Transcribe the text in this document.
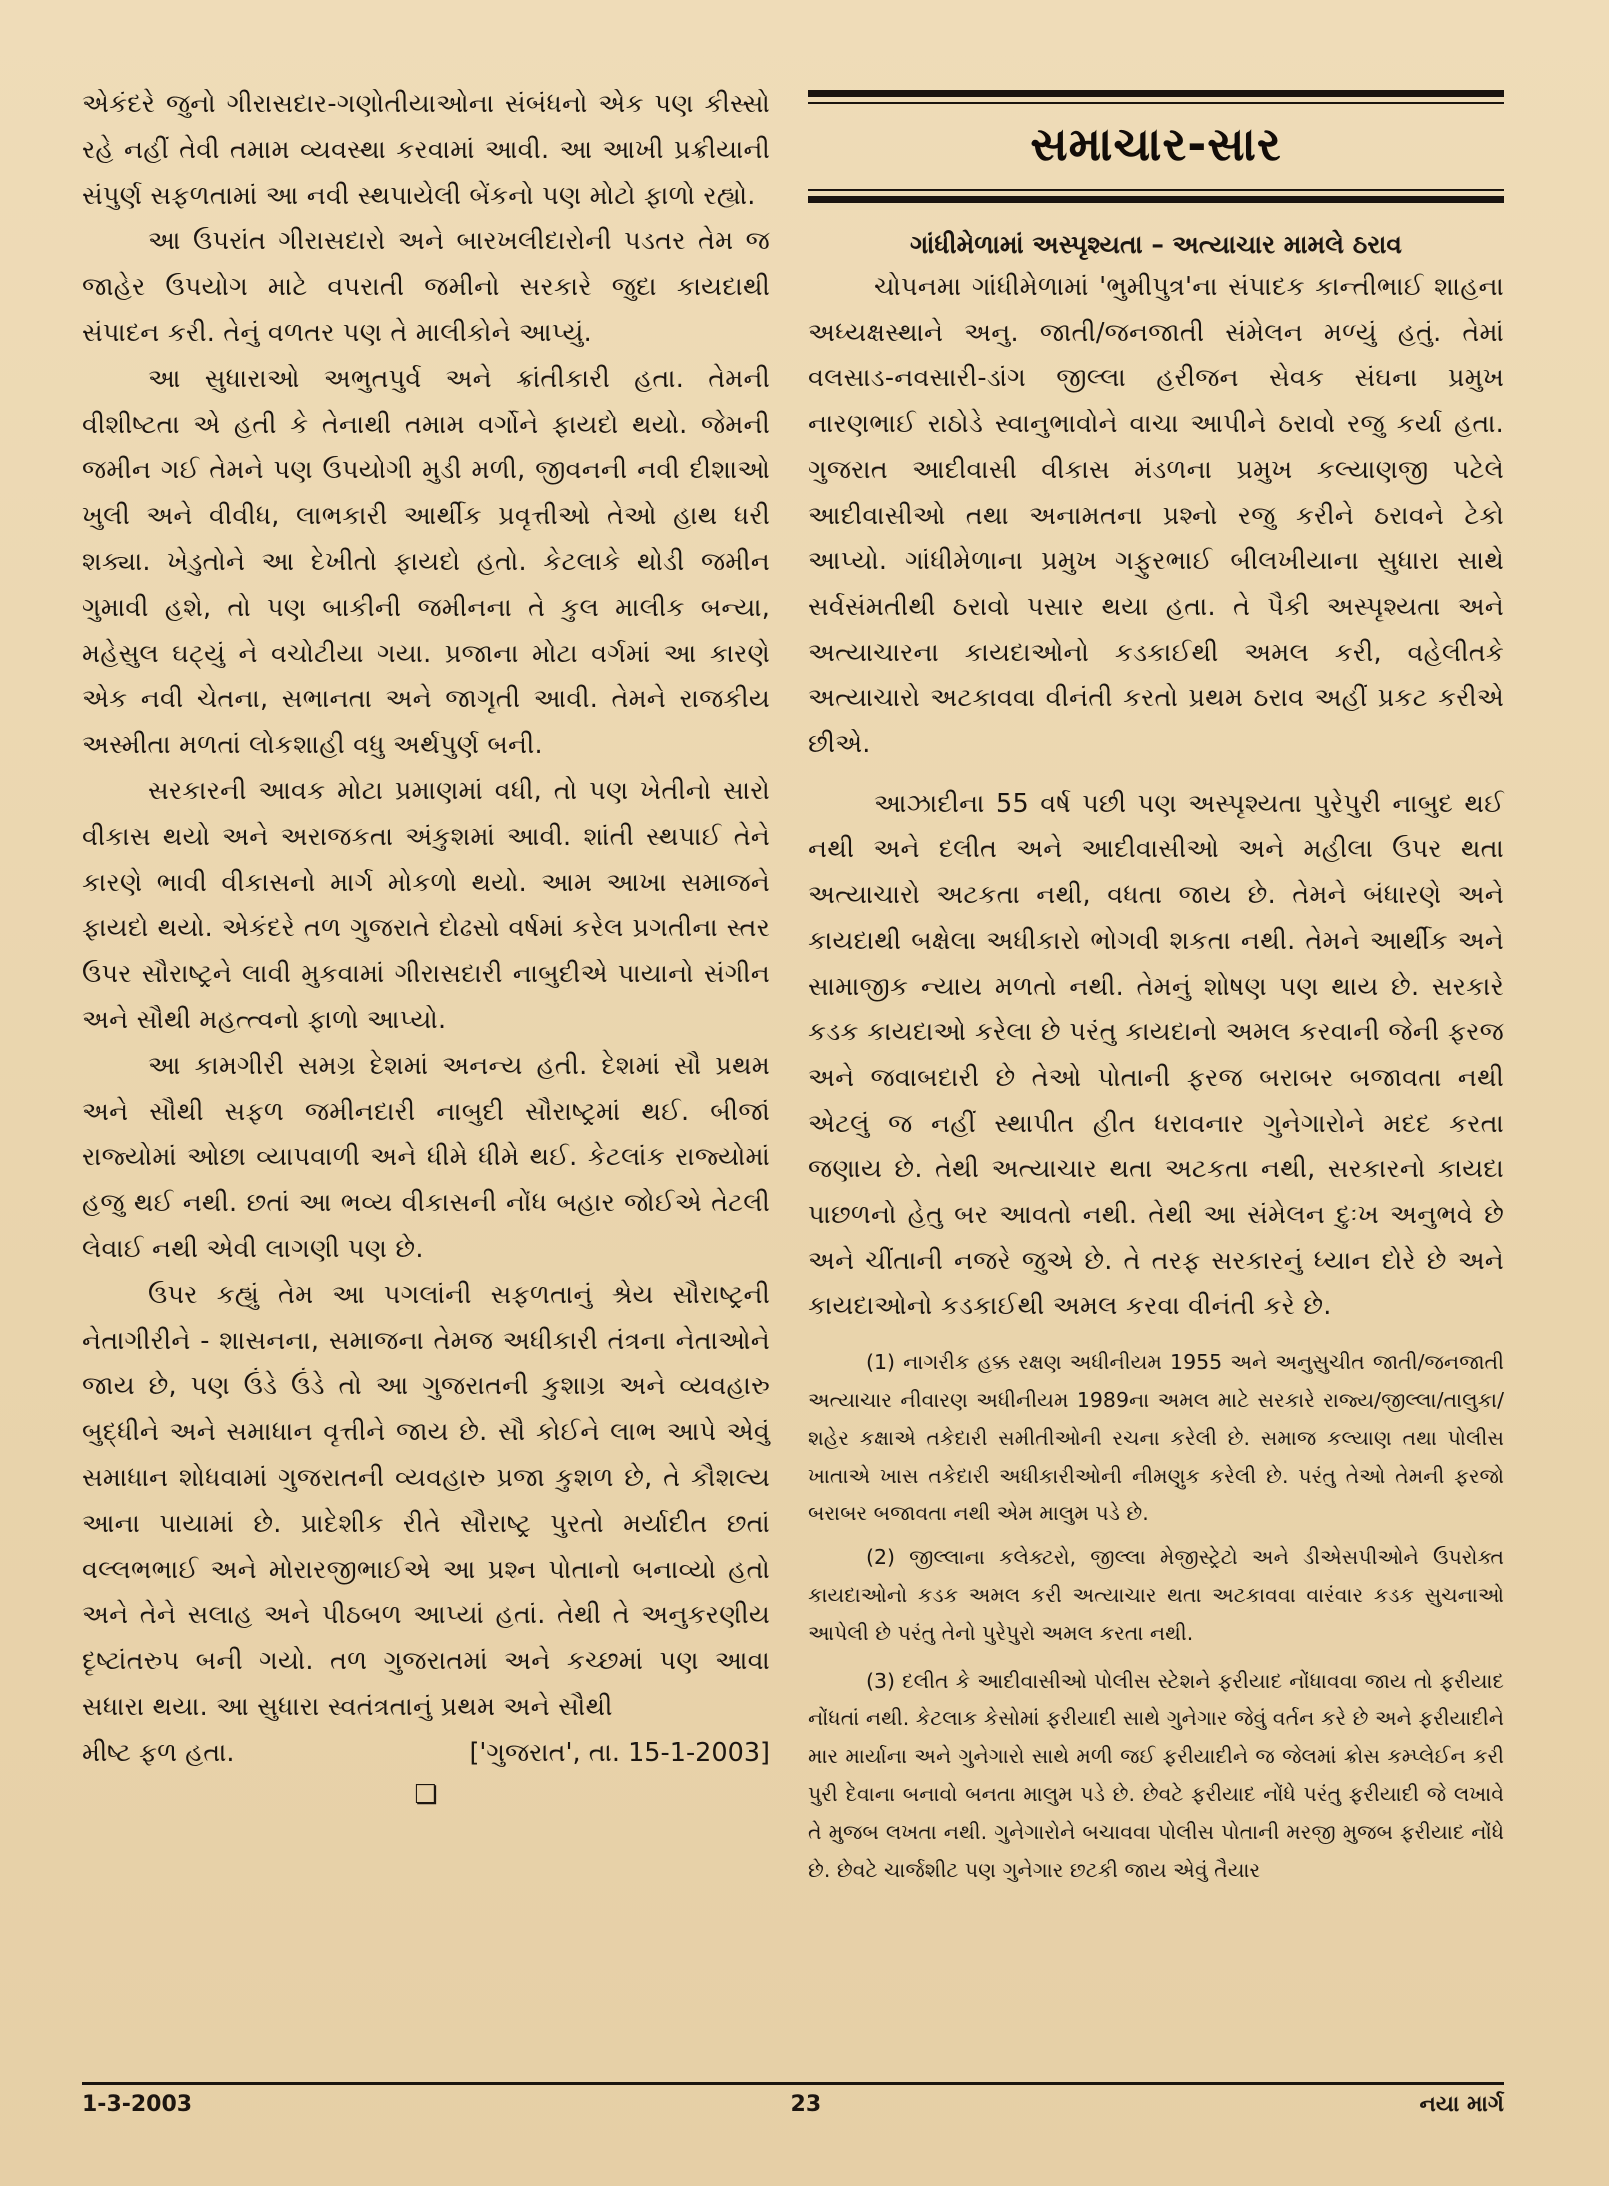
એકંદરે જુનો ગીરાસદાર-ગણોતીયાઓના સંબંધનો એક પણ કીસ્સો રહે નહીં તેવી તમામ વ્યવસ્થા કરવામાં આવી. આ આખી પ્રક્રીયાની સંપુર્ણ સફળતામાં આ નવી સ્થપાયેલી બેંકનો પણ મોટો ફાળો રહ્યો.

આ ઉપરાંત ગીરાસદારો અને બારખલીદારોની પડતર તેમ જ જાહેર ઉપયોગ માટે વપરાતી જમીનો સરકારે જુદા કાયદાથી સંપાદન કરી. તેનું વળતર પણ તે માલીકોને આપ્યું.

આ સુધારાઓ અભુતપુર્વ અને ક્રાંતીકારી હતા. તેમની વીશીષ્ટતા એ હતી કે તેનાથી તમામ વર્ગોને ફાયદો થયો. જેમની જમીન ગઈ તેમને પણ ઉપયોગી મુડી મળી, જીવનની નવી દીશાઓ ખુલી અને વીવીધ, લાભકારી આર્થીક પ્રવૃત્તીઓ તેઓ હાથ ધરી શક્યા. ખેડુતોને આ દેખીતો ફાયદો હતો. કેટલાકે થોડી જમીન ગુમાવી હશે, તો પણ બાકીની જમીનના તે કુલ માલીક બન્યા, મહેસુલ ઘટ્યું ને વચોટીયા ગયા. પ્રજાના મોટા વર્ગમાં આ કારણે એક નવી ચેતના, સભાનતા અને જાગૃતી આવી. તેમને રાજકીય અસ્મીતા મળતાં લોકશાહી વધુ અર્થપુર્ણ બની.

સરકારની આવક મોટા પ્રમાણમાં વધી, તો પણ ખેતીનો સારો વીકાસ થયો અને અરાજકતા અંકુશમાં આવી. શાંતી સ્થપાઈ તેને કારણે ભાવી વીકાસનો માર્ગ મોકળો થયો. આમ આખા સમાજને ફાયદો થયો. એકંદરે તળ ગુજરાતે દોઢસો વર્ષમાં કરેલ પ્રગતીના સ્તર ઉપર સૌરાષ્ટ્રને લાવી મુકવામાં ગીરાસદારી નાબુદીએ પાયાનો સંગીન અને સૌથી મહત્ત્વનો ફાળો આપ્યો.

આ કામગીરી સમગ્ર દેશમાં અનન્ય હતી. દેશમાં સૌ પ્રથમ અને સૌથી સફળ જમીનદારી નાબુદી સૌરાષ્ટ્રમાં થઈ. બીજાં રાજ્યોમાં ઓછા વ્યાપવાળી અને ધીમે ધીમે થઈ. કેટલાંક રાજ્યોમાં હજુ થઈ નથી. છતાં આ ભવ્ય વીકાસની નોંધ બહાર જોઈએ તેટલી લેવાઈ નથી એવી લાગણી પણ છે.

ઉપર કહ્યું તેમ આ પગલાંની સફળતાનું શ્રેય સૌરાષ્ટ્રની નેતાગીરીને - શાસનના, સમાજના તેમજ અધીકારી તંત્રના નેતાઓને જાય છે, પણ ઉંડે ઉંડે તો આ ગુજરાતની કુશાગ્ર અને વ્યવહારુ બુદ્ધીને અને સમાધાન વૃત્તીને જાય છે. સૌ કોઈને લાભ આપે એવું સમાધાન શોધવામાં ગુજરાતની વ્યવહારુ પ્રજા કુશળ છે, તે કૌશલ્ય આના પાયામાં છે. પ્રાદેશીક રીતે સૌરાષ્ટ્ર પુરતો મર્યાદીત છતાં વલ્લભભાઈ અને મોરારજીભાઈએ આ પ્રશ્ન પોતાનો બનાવ્યો હતો અને તેને સલાહ અને પીઠબળ આપ્યાં હતાં. તેથી તે અનુકરણીય દૃષ્ટાંતરુપ બની ગયો. તળ ગુજરાતમાં અને કચ્છમાં પણ આવા સધારા થયા. આ સુધારા સ્વતંત્રતાનું પ્રથમ અને સૌથી

મીષ્ટ ફળ હતા.	['ગુજરાત', તા. 15-1-2003]
❏
સમાચાર-સાર
ગાંધીમેળામાં અસ્પૃશ્યતા – અત્યાચાર મામલે ઠરાવ

ચોપનમા ગાંધીમેળામાં 'ભુમીપુત્ર'ના સંપાદક કાન્તીભાઈ શાહના અધ્યક્ષસ્થાને અનુ. જાતી/જનજાતી સંમેલન મળ્યું હતું. તેમાં વલસાડ-નવસારી-ડાંગ જીલ્લા હરીજન સેવક સંઘના પ્રમુખ નારણભાઈ રાઠોડે સ્વાનુભાવોને વાચા આપીને ઠરાવો રજુ કર્યા હતા. ગુજરાત આદીવાસી વીકાસ મંડળના પ્રમુખ કલ્યાણજી પટેલે આદીવાસીઓ તથા અનામતના પ્રશ્નો રજુ કરીને ઠરાવને ટેકો આપ્યો. ગાંધીમેળાના પ્રમુખ ગફુરભાઈ બીલખીયાના સુધારા સાથે સર્વસંમતીથી ઠરાવો પસાર થયા હતા. તે પૈકી અસ્પૃશ્યતા અને અત્યાચારના કાયદાઓનો કડકાઈથી અમલ કરી, વહેલીતકે અત્યાચારો અટકાવવા વીનંતી કરતો પ્રથમ ઠરાવ અહીં પ્રકટ કરીએ છીએ.

આઝાદીના 55 વર્ષ પછી પણ અસ્પૃશ્યતા પુરેપુરી નાબુદ થઈ નથી અને દલીત અને આદીવાસીઓ અને મહીલા ઉપર થતા અત્યાચારો અટકતા નથી, વધતા જાય છે. તેમને બંધારણે અને કાયદાથી બક્ષેલા અધીકારો ભોગવી શકતા નથી. તેમને આર્થીક અને સામાજીક ન્યાય મળતો નથી. તેમનું શોષણ પણ થાય છે. સરકારે કડક કાયદાઓ કરેલા છે પરંતુ કાયદાનો અમલ કરવાની જેની ફરજ અને જવાબદારી છે તેઓ પોતાની ફરજ બરાબર બજાવતા નથી એટલું જ નહીં સ્થાપીત હીત ધરાવનાર ગુનેગારોને મદદ કરતા જણાય છે. તેથી અત્યાચાર થતા અટકતા નથી, સરકારનો કાયદા પાછળનો હેતુ બર આવતો નથી. તેથી આ સંમેલન દુઃખ અનુભવે છે અને ચીંતાની નજરે જુએ છે. તે તરફ સરકારનું ધ્યાન દોરે છે અને કાયદાઓનો કડકાઈથી અમલ કરવા વીનંતી કરે છે.

(1) નાગરીક હક્ક રક્ષણ અધીનીયમ 1955 અને અનુસુચીત જાતી/જનજાતી અત્યાચાર નીવારણ અધીનીયમ 1989ના અમલ માટે સરકારે રાજ્ય/જીલ્લા/તાલુકા/શહેર કક્ષાએ તકેદારી સમીતીઓની રચના કરેલી છે. સમાજ કલ્યાણ તથા પોલીસ ખાતાએ ખાસ તકેદારી અધીકારીઓની નીમણુક કરેલી છે. પરંતુ તેઓ તેમની ફરજો બરાબર બજાવતા નથી એમ માલુમ પડે છે.

(2) જીલ્લાના કલેક્ટરો, જીલ્લા મેજીસ્ટ્રેટો અને ડીએસપીઓને ઉપરોક્ત કાયદાઓનો કડક અમલ કરી અત્યાચાર થતા અટકાવવા વારંવાર કડક સુચનાઓ આપેલી છે પરંતુ તેનો પુરેપુરો અમલ કરતા નથી.

(3) દલીત કે આદીવાસીઓ પોલીસ સ્ટેશને ફરીયાદ નોંધાવવા જાય તો ફરીયાદ નોંધતાં નથી. કેટલાક કેસોમાં ફરીયાદી સાથે ગુનેગાર જેવું વર્તન કરે છે અને ફરીયાદીને માર માર્યાના અને ગુનેગારો સાથે મળી જઈ ફરીયાદીને જ જેલમાં ક્રોસ કમ્પ્લેઈન કરી પુરી દેવાના બનાવો બનતા માલુમ પડે છે. છેવટે ફરીયાદ નોંધે પરંતુ ફરીયાદી જે લખાવે તે મુજબ લખતા નથી. ગુનેગારોને બચાવવા પોલીસ પોતાની મરજી મુજબ ફરીયાદ નોંધે છે. છેવટે ચાર્જશીટ પણ ગુનેગાર છટકી જાય એવું તૈયાર

1-3-2003	23	નયા માર્ગ
